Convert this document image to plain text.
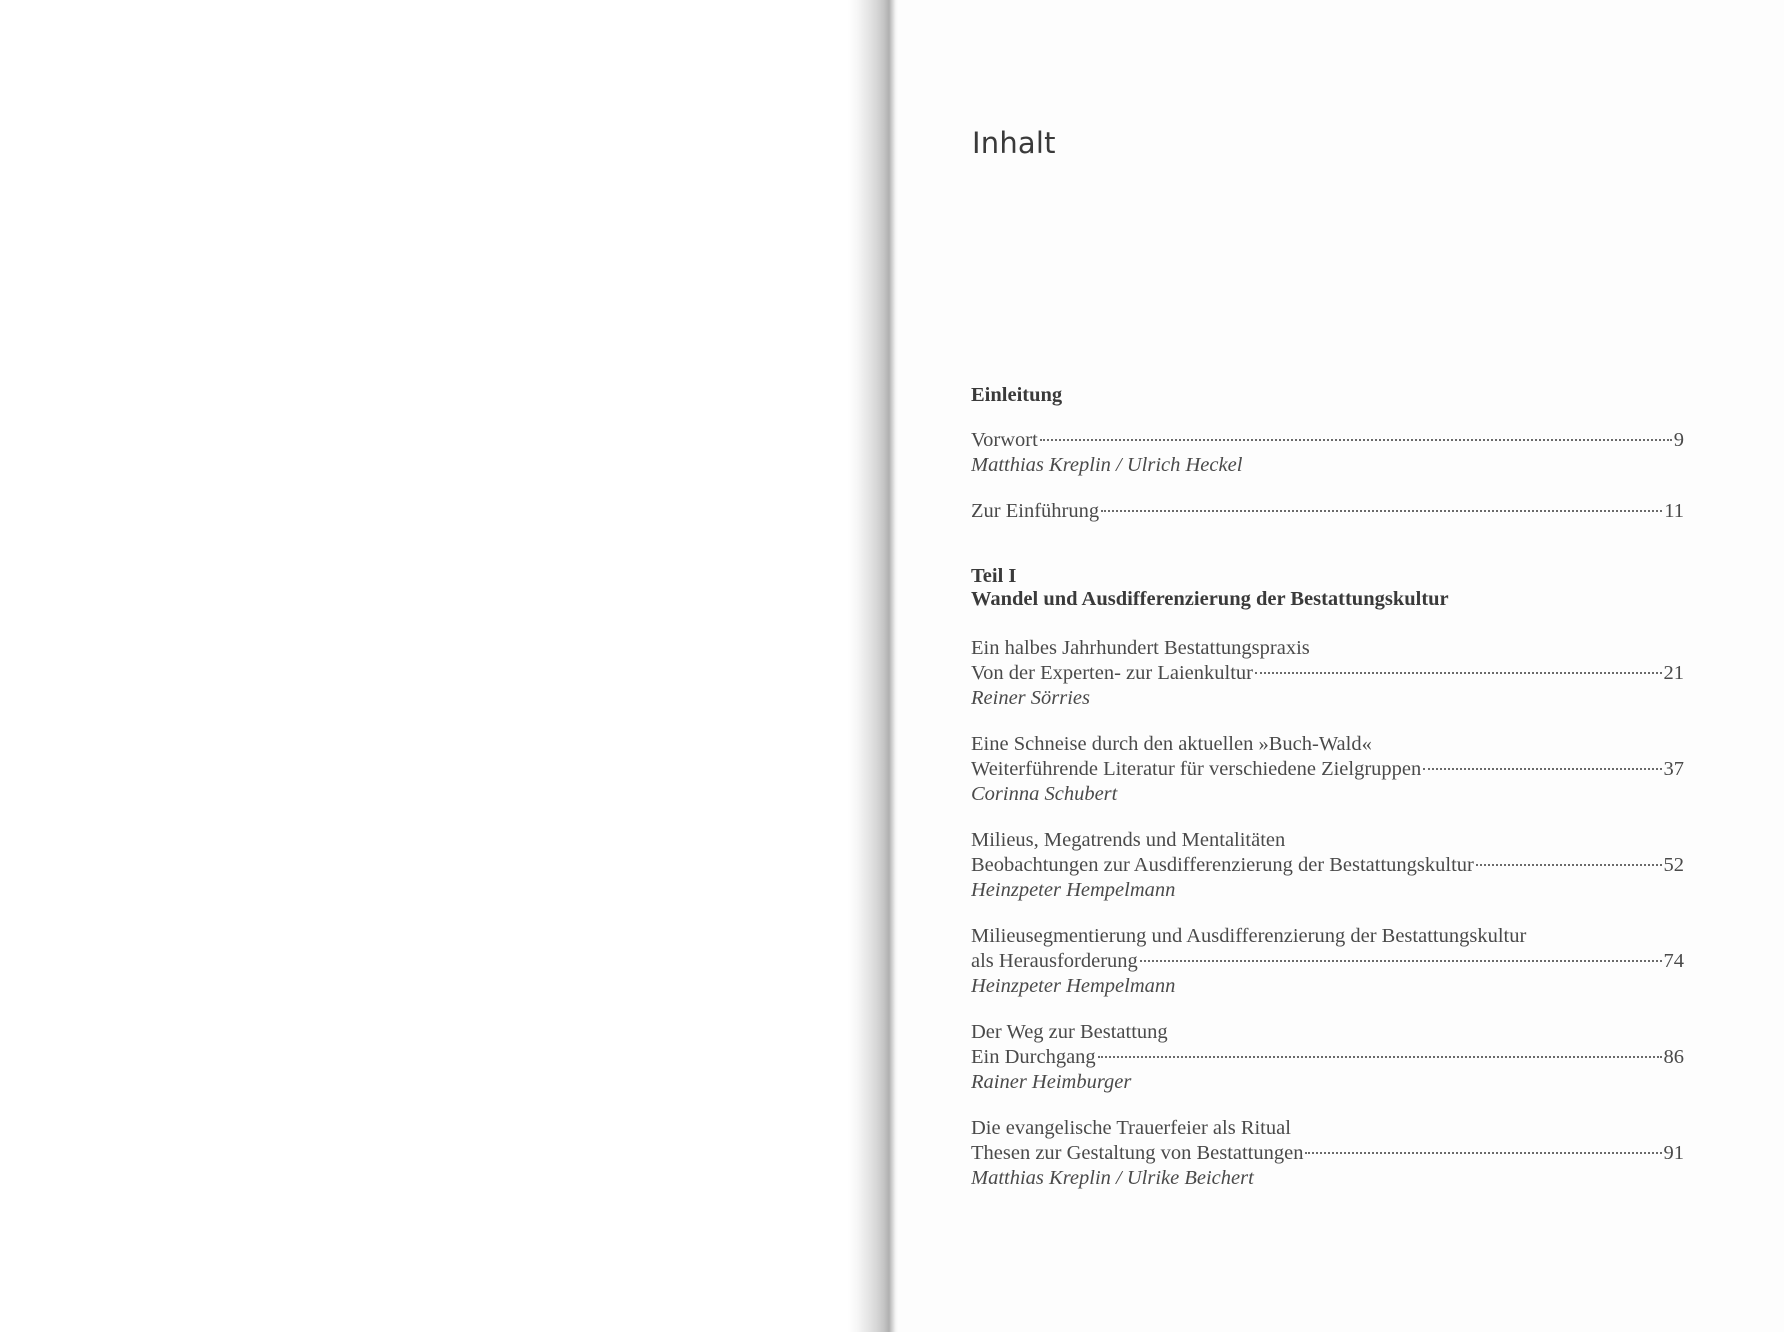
Inhalt
Einleitung
Vorwort	9
Matthias Kreplin / Ulrich Heckel
Zur Einführung	11
Teil I
Wandel und Ausdifferenzierung der Bestattungskultur
Ein halbes Jahrhundert Bestattungspraxis
Von der Experten- zur Laienkultur	21
Reiner Sörries
Eine Schneise durch den aktuellen »Buch-Wald«
Weiterführende Literatur für verschiedene Zielgruppen	37
Corinna Schubert
Milieus, Megatrends und Mentalitäten
Beobachtungen zur Ausdifferenzierung der Bestattungskultur	52
Heinzpeter Hempelmann
Milieusegmentierung und Ausdifferenzierung der Bestattungskultur
als Herausforderung	74
Heinzpeter Hempelmann
Der Weg zur Bestattung
Ein Durchgang	86
Rainer Heimburger
Die evangelische Trauerfeier als Ritual
Thesen zur Gestaltung von Bestattungen	91
Matthias Kreplin / Ulrike Beichert
